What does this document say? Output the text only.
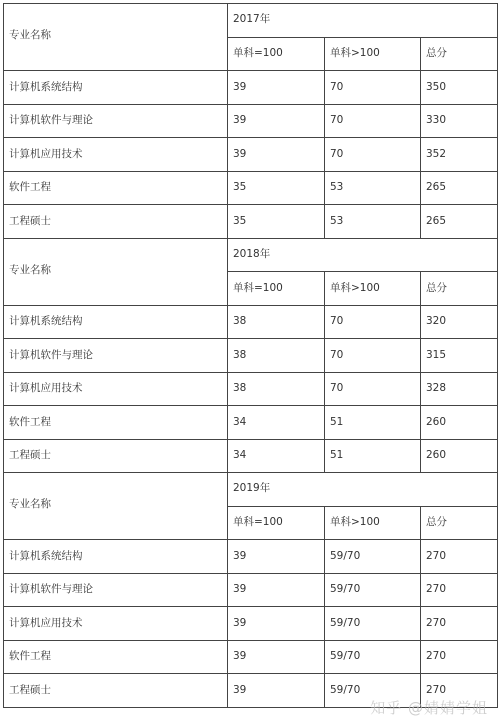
专业名称	2017年		
	单科=100	单科>100	总分
计算机系统结构	39	70	350
计算机软件与理论	39	70	330
计算机应用技术	39	70	352
软件工程	35	53	265
工程硕士	35	53	265
专业名称	2018年		
	单科=100	单科>100	总分
计算机系统结构	38	70	320
计算机软件与理论	38	70	315
计算机应用技术	38	70	328
软件工程	34	51	260
工程硕士	34	51	260
专业名称	2019年		
	单科=100	单科>100	总分
计算机系统结构	39	59/70	270
计算机软件与理论	39	59/70	270
计算机应用技术	39	59/70	270
软件工程	39	59/70	270
工程硕士	39	59/70	270
知乎 @婧婧学姐
